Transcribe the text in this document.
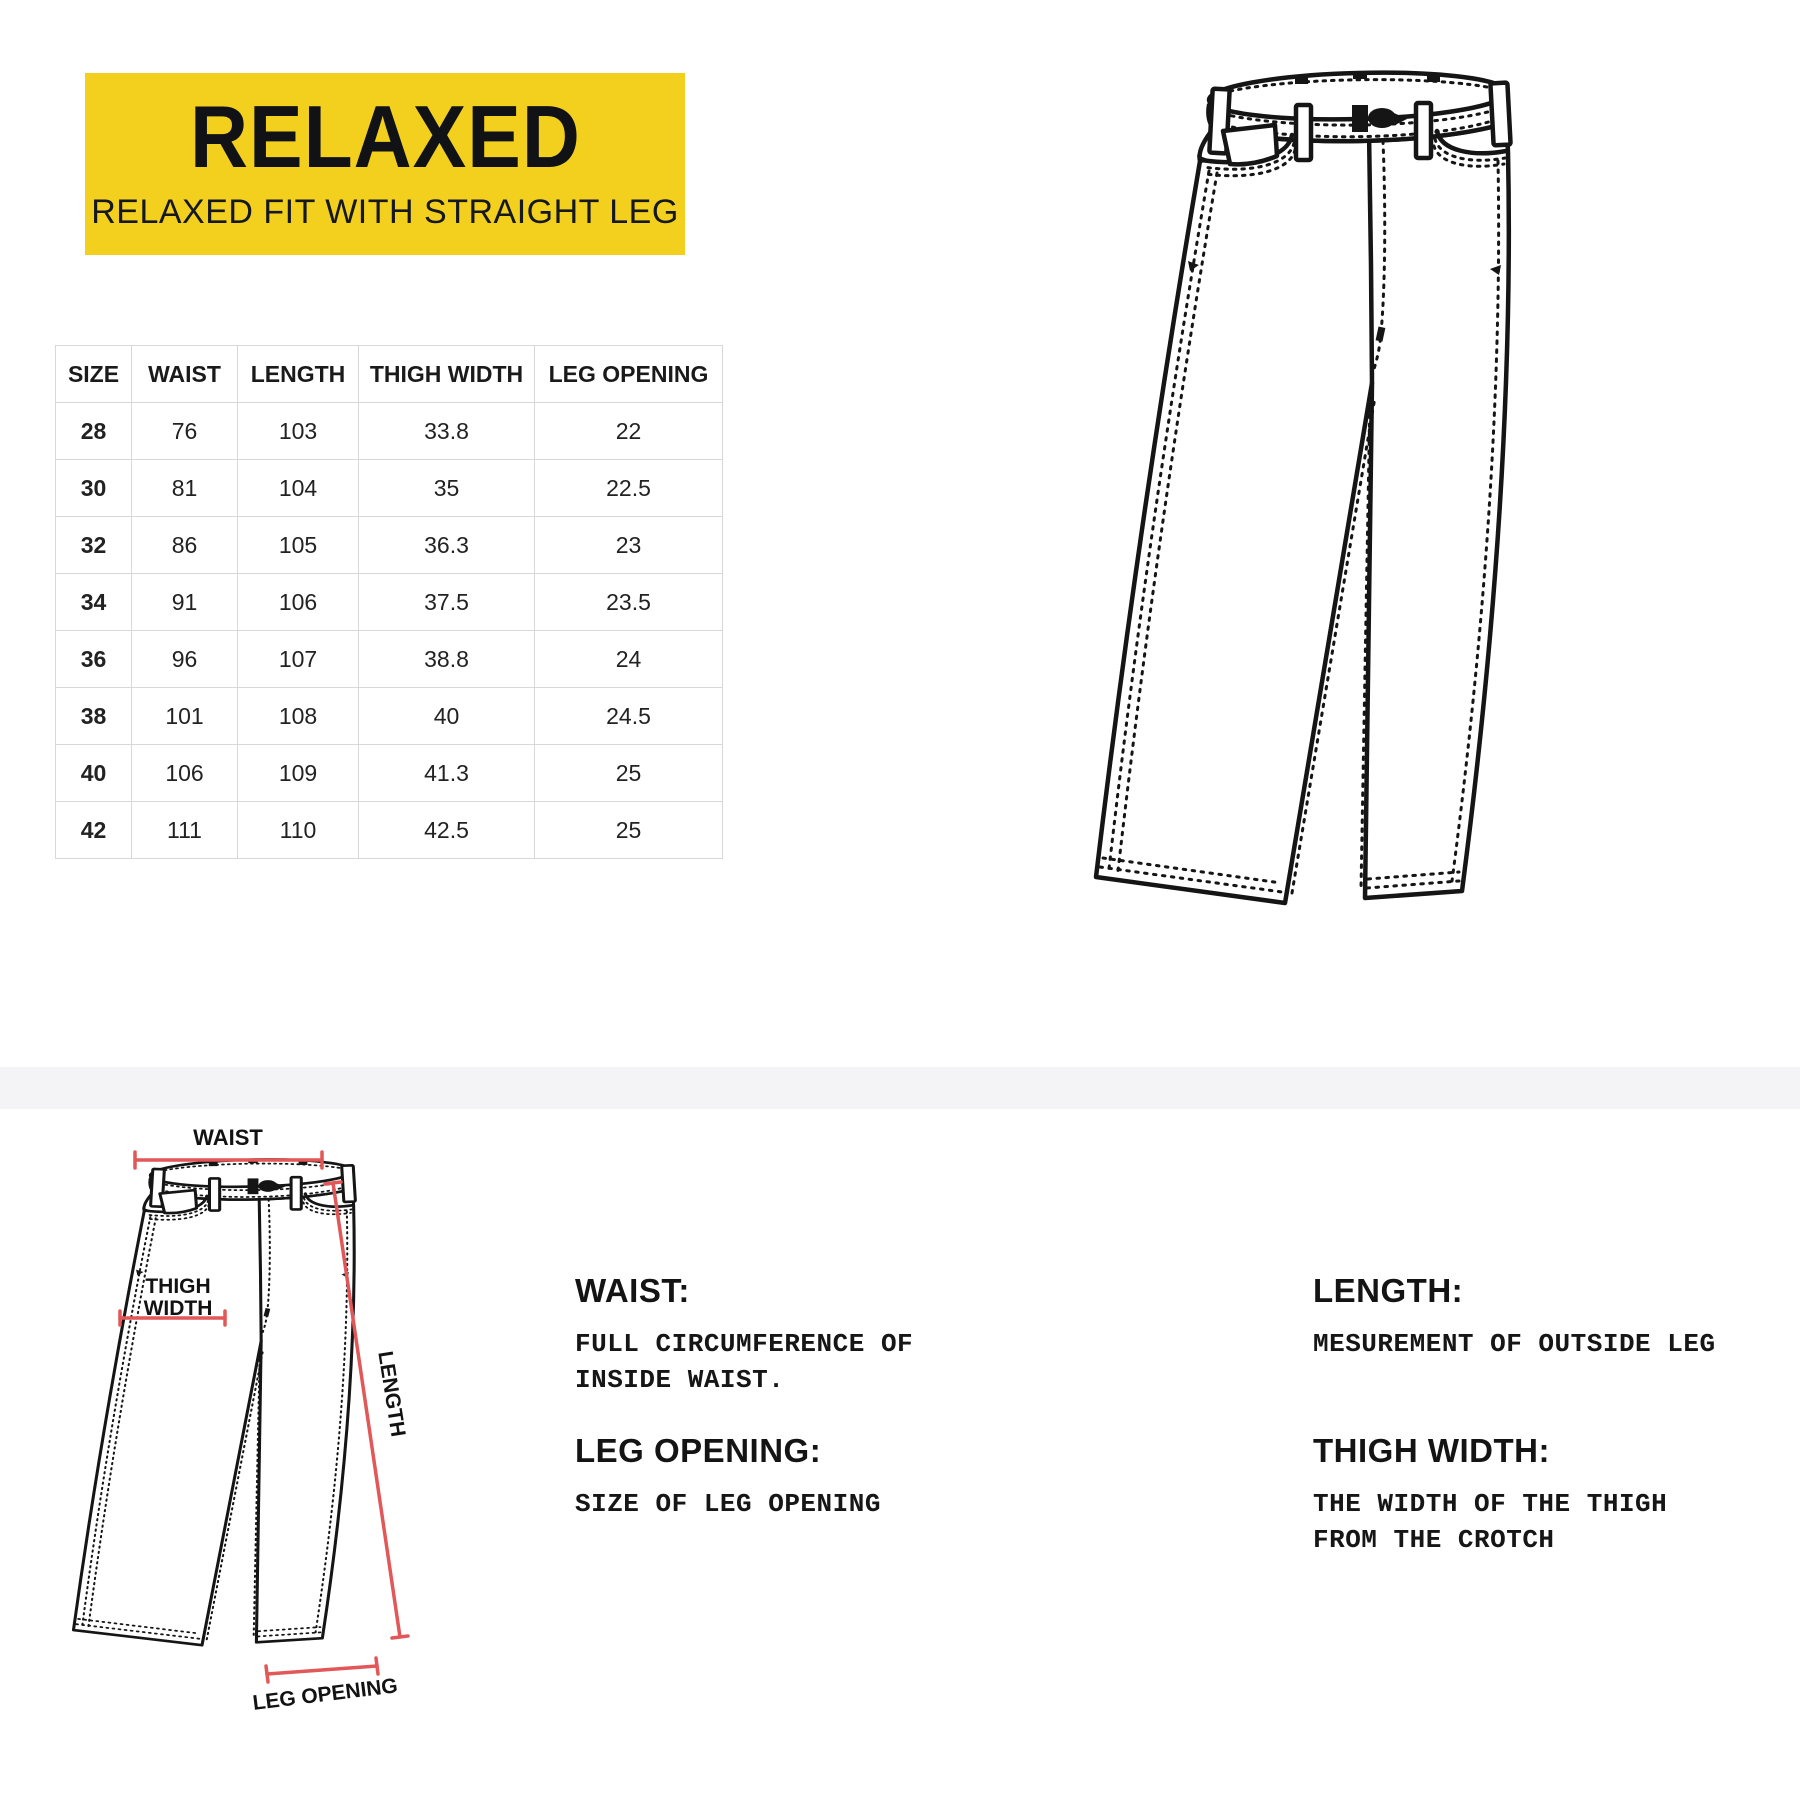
RELAXED
RELAXED FIT WITH STRAIGHT LEG
SIZE	WAIST	LENGTH	THIGH WIDTH	LEG OPENING
28	76	103	33.8	22
30	81	104	35	22.5
32	86	105	36.3	23
34	91	106	37.5	23.5
36	96	107	38.8	24
38	101	108	40	24.5
40	106	109	41.3	25
42	111	110	42.5	25
WAIST
THIGH
WIDTH
LENGTH
LEG OPENING
WAIST:
FULL CIRCUMFERENCE OF
INSIDE WAIST.
LEG OPENING:
SIZE OF LEG OPENING
LENGTH:
MESUREMENT OF OUTSIDE LEG
THIGH WIDTH:
THE WIDTH OF THE THIGH
FROM THE CROTCH
